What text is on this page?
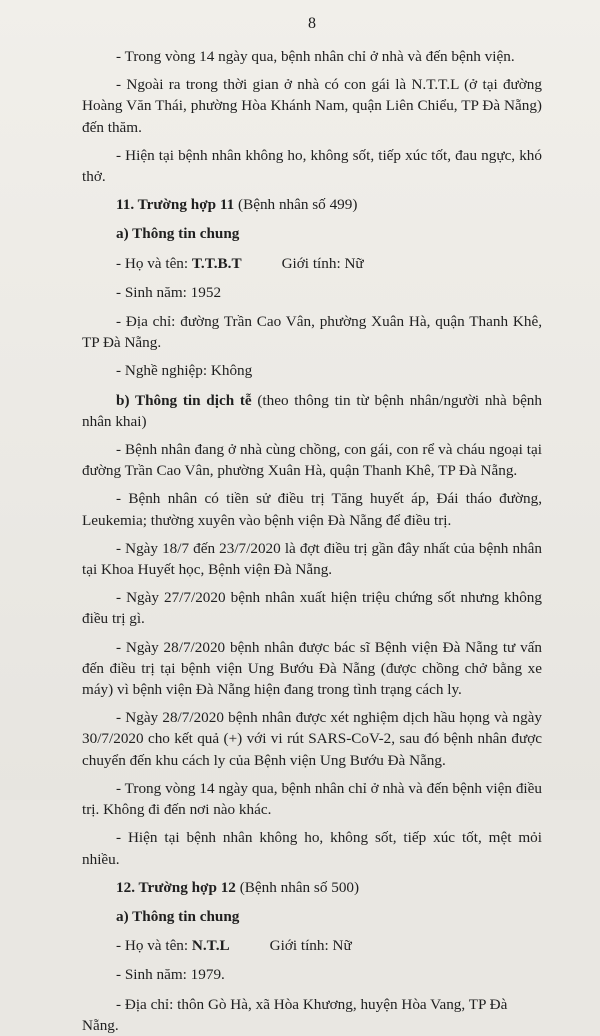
8

- Trong vòng 14 ngày qua, bệnh nhân chỉ ở nhà và đến bệnh viện.

- Ngoài ra trong thời gian ở nhà có con gái là N.T.T.L (ở tại đường Hoàng Văn Thái, phường Hòa Khánh Nam, quận Liên Chiểu, TP Đà Nẵng) đến thăm.

- Hiện tại bệnh nhân không ho, không sốt, tiếp xúc tốt, đau ngực, khó thở.

11. Trường hợp 11 (Bệnh nhân số 499)

a) Thông tin chung

- Họ và tên: T.T.B.T	Giới tính: Nữ

- Sinh năm: 1952

- Địa chỉ: đường Trần Cao Vân, phường Xuân Hà, quận Thanh Khê, TP Đà Nẵng.

- Nghề nghiệp: Không

b) Thông tin dịch tễ (theo thông tin từ bệnh nhân/người nhà bệnh nhân khai)

- Bệnh nhân đang ở nhà cùng chồng, con gái, con rể và cháu ngoại tại đường Trần Cao Vân, phường Xuân Hà, quận Thanh Khê, TP Đà Nẵng.

- Bệnh nhân có tiền sử điều trị Tăng huyết áp, Đái tháo đường, Leukemia; thường xuyên vào bệnh viện Đà Nẵng để điều trị.

- Ngày 18/7 đến 23/7/2020 là đợt điều trị gần đây nhất của bệnh nhân tại Khoa Huyết học, Bệnh viện Đà Nẵng.

- Ngày 27/7/2020 bệnh nhân xuất hiện triệu chứng sốt nhưng không điều trị gì.

- Ngày 28/7/2020 bệnh nhân được bác sĩ Bệnh viện Đà Nẵng tư vấn đến điều trị tại bệnh viện Ung Bướu Đà Nẵng (được chồng chở bằng xe máy) vì bệnh viện Đà Nẵng hiện đang trong tình trạng cách ly.

- Ngày 28/7/2020 bệnh nhân được xét nghiệm dịch hầu họng và ngày 30/7/2020 cho kết quả (+) với vi rút SARS-CoV-2, sau đó bệnh nhân được chuyển đến khu cách ly của Bệnh viện Ung Bướu Đà Nẵng.

- Trong vòng 14 ngày qua, bệnh nhân chỉ ở nhà và đến bệnh viện điều trị. Không đi đến nơi nào khác.

- Hiện tại bệnh nhân không ho, không sốt, tiếp xúc tốt, mệt mỏi nhiều.

12. Trường hợp 12 (Bệnh nhân số 500)

a) Thông tin chung

- Họ và tên: N.T.L	Giới tính: Nữ

- Sinh năm: 1979.

- Địa chỉ: thôn Gò Hà, xã Hòa Khương, huyện Hòa Vang, TP Đà Nẵng.
